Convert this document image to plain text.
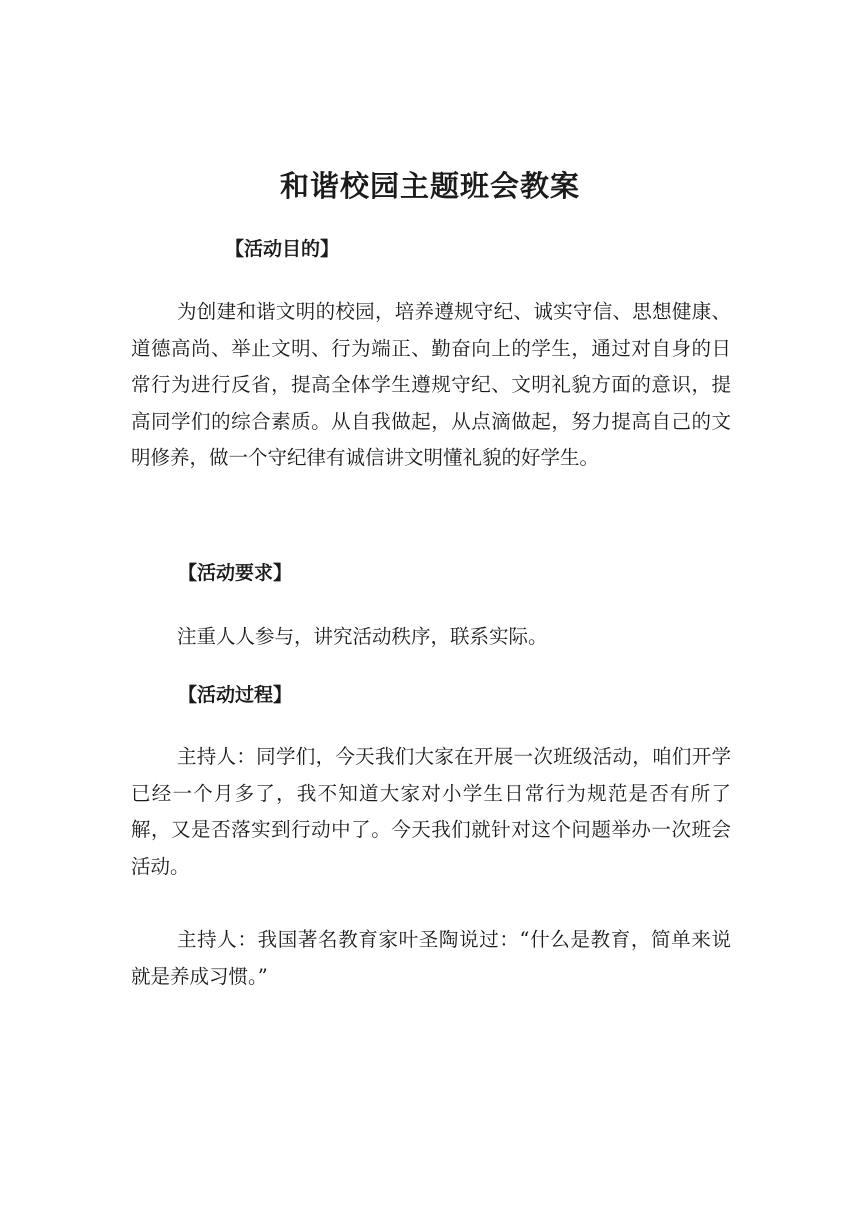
和谐校园主题班会教案
【活动目的】

为创建和谐文明的校园，培养遵规守纪、诚实守信、思想健康、道德高尚、举止文明、行为端正、勤奋向上的学生，通过对自身的日常行为进行反省，提高全体学生遵规守纪、文明礼貌方面的意识，提高同学们的综合素质。从自我做起，从点滴做起，努力提高自己的文明修养，做一个守纪律有诚信讲文明懂礼貌的好学生。

【活动要求】

注重人人参与，讲究活动秩序，联系实际。

【活动过程】

主持人：同学们，今天我们大家在开展一次班级活动，咱们开学已经一个月多了，我不知道大家对小学生日常行为规范是否有所了解，又是否落实到行动中了。今天我们就针对这个问题举办一次班会活动。

主持人：我国著名教育家叶圣陶说过：“什么是教育，简单来说就是养成习惯。”
